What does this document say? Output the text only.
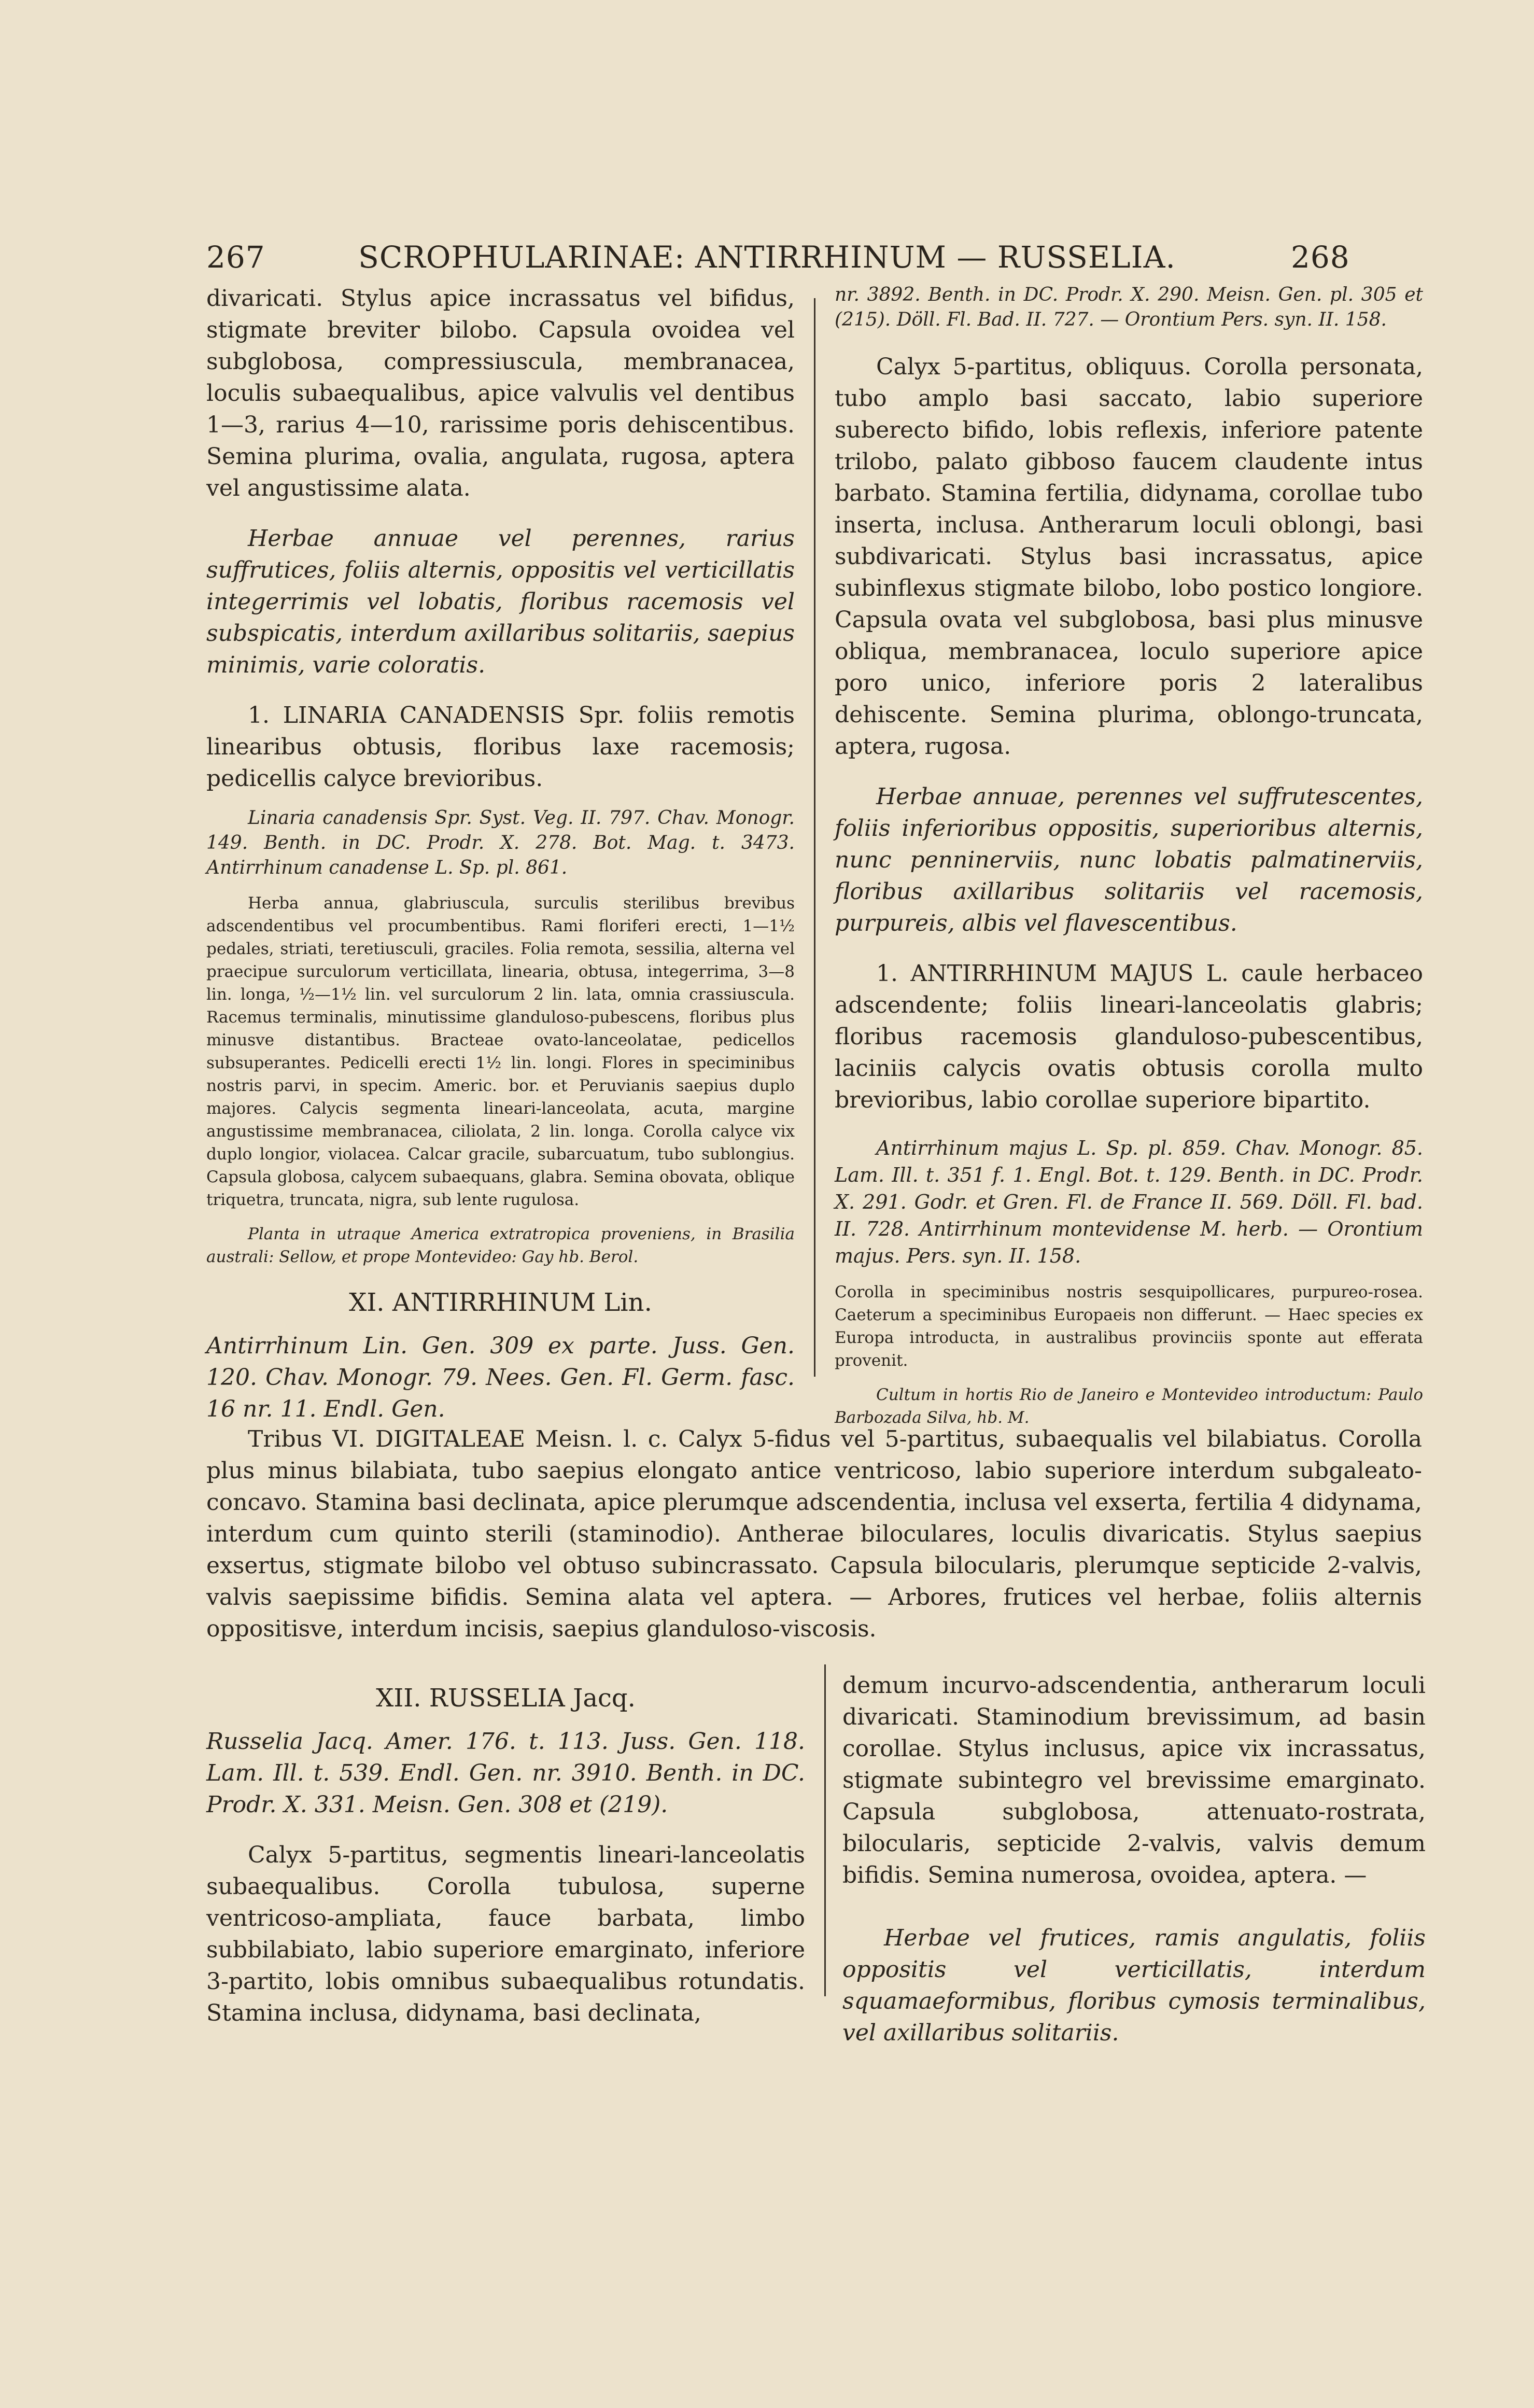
267	SCROPHULARINAE: ANTIRRHINUM — RUSSELIA.	268

divaricati. Stylus apice incrassatus vel bifidus, stigmate breviter bilobo. Capsula ovoidea vel subglobosa, compressiuscula, membranacea, loculis subaequalibus, apice valvulis vel dentibus 1—3, rarius 4—10, rarissime poris dehiscentibus. Semina plurima, ovalia, angulata, rugosa, aptera vel angustissime alata.

Herbae annuae vel perennes, rarius suffrutices, foliis alternis, oppositis vel verticillatis integerrimis vel lobatis, floribus racemosis vel subspicatis, interdum axillaribus solitariis, saepius minimis, varie coloratis.

1. LINARIA CANADENSIS Spr. foliis remotis linearibus obtusis, floribus laxe racemosis; pedicellis calyce brevioribus.

Linaria canadensis Spr. Syst. Veg. II. 797. Chav. Monogr. 149. Benth. in DC. Prodr. X. 278. Bot. Mag. t. 3473. Antirrhinum canadense L. Sp. pl. 861.

Herba annua, glabriuscula, surculis sterilibus brevibus adscendentibus vel procumbentibus. Rami floriferi erecti, 1—1½ pedales, striati, teretiusculi, graciles. Folia remota, sessilia, alterna vel praecipue surculorum verticillata, linearia, obtusa, integerrima, 3—8 lin. longa, ½—1½ lin. vel surculorum 2 lin. lata, omnia crassiuscula. Racemus terminalis, minutissime glanduloso-pubescens, floribus plus minusve distantibus. Bracteae ovato-lanceolatae, pedicellos subsuperantes. Pedicelli erecti 1½ lin. longi. Flores in speciminibus nostris parvi, in specim. Americ. bor. et Peruvianis saepius duplo majores. Calycis segmenta lineari-lanceolata, acuta, margine angustissime membranacea, ciliolata, 2 lin. longa. Corolla calyce vix duplo longior, violacea. Calcar gracile, subarcuatum, tubo sublongius. Capsula globosa, calycem subaequans, glabra. Semina obovata, oblique triquetra, truncata, nigra, sub lente rugulosa.

Planta in utraque America extratropica proveniens, in Brasilia australi: Sellow, et prope Montevideo: Gay hb. Berol.

XI. ANTIRRHINUM Lin.

Antirrhinum Lin. Gen. 309 ex parte. Juss. Gen. 120. Chav. Monogr. 79. Nees. Gen. Fl. Germ. fasc. 16 nr. 11. Endl. Gen.

nr. 3892. Benth. in DC. Prodr. X. 290. Meisn. Gen. pl. 305 et (215). Döll. Fl. Bad. II. 727. — Orontium Pers. syn. II. 158.

Calyx 5-partitus, obliquus. Corolla personata, tubo amplo basi saccato, labio superiore suberecto bifido, lobis reflexis, inferiore patente trilobo, palato gibboso faucem claudente intus barbato. Stamina fertilia, didynama, corollae tubo inserta, inclusa. Antherarum loculi oblongi, basi subdivaricati. Stylus basi incrassatus, apice subinflexus stigmate bilobo, lobo postico longiore. Capsula ovata vel subglobosa, basi plus minusve obliqua, membranacea, loculo superiore apice poro unico, inferiore poris 2 lateralibus dehiscente. Semina plurima, oblongo-truncata, aptera, rugosa.

Herbae annuae, perennes vel suffrutescentes, foliis inferioribus oppositis, superioribus alternis, nunc penninerviis, nunc lobatis palmatinerviis, floribus axillaribus solitariis vel racemosis, purpureis, albis vel flavescentibus.

1. ANTIRRHINUM MAJUS L. caule herbaceo adscendente; foliis lineari-lanceolatis glabris; floribus racemosis glanduloso-pubescentibus, laciniis calycis ovatis obtusis corolla multo brevioribus, labio corollae superiore bipartito.

Antirrhinum majus L. Sp. pl. 859. Chav. Monogr. 85. Lam. Ill. t. 351 f. 1. Engl. Bot. t. 129. Benth. in DC. Prodr. X. 291. Godr. et Gren. Fl. de France II. 569. Döll. Fl. bad. II. 728. Antirrhinum montevidense M. herb. — Orontium majus. Pers. syn. II. 158.

Corolla in speciminibus nostris sesquipollicares, purpureo-rosea. Caeterum a speciminibus Europaeis non differunt. — Haec species ex Europa introducta, in australibus provinciis sponte aut efferata provenit.

Cultum in hortis Rio de Janeiro e Montevideo introductum: Paulo Barbozada Silva, hb. M.

Tribus VI. DIGITALEAE Meisn. l. c. Calyx 5-fidus vel 5-partitus, subaequalis vel bilabiatus. Corolla plus minus bilabiata, tubo saepius elongato antice ventricoso, labio superiore interdum subgaleato-concavo. Stamina basi declinata, apice plerumque adscendentia, inclusa vel exserta, fertilia 4 didynama, interdum cum quinto sterili (staminodio). Antherae biloculares, loculis divaricatis. Stylus saepius exsertus, stigmate bilobo vel obtuso subincrassato. Capsula bilocularis, plerumque septicide 2-valvis, valvis saepissime bifidis. Semina alata vel aptera. — Arbores, frutices vel herbae, foliis alternis oppositisve, interdum incisis, saepius glanduloso-viscosis.

XII. RUSSELIA Jacq.

Russelia Jacq. Amer. 176. t. 113. Juss. Gen. 118. Lam. Ill. t. 539. Endl. Gen. nr. 3910. Benth. in DC. Prodr. X. 331. Meisn. Gen. 308 et (219).

Calyx 5-partitus, segmentis lineari-lanceolatis subaequalibus. Corolla tubulosa, superne ventricoso-ampliata, fauce barbata, limbo subbilabiato, labio superiore emarginato, inferiore 3-partito, lobis omnibus subaequalibus rotundatis. Stamina inclusa, didynama, basi declinata,

demum incurvo-adscendentia, antherarum loculi divaricati. Staminodium brevissimum, ad basin corollae. Stylus inclusus, apice vix incrassatus, stigmate subintegro vel brevissime emarginato. Capsula subglobosa, attenuato-rostrata, bilocularis, septicide 2-valvis, valvis demum bifidis. Semina numerosa, ovoidea, aptera. —

Herbae vel frutices, ramis angulatis, foliis oppositis vel verticillatis, interdum squamaeformibus, floribus cymosis terminalibus, vel axillaribus solitariis.
